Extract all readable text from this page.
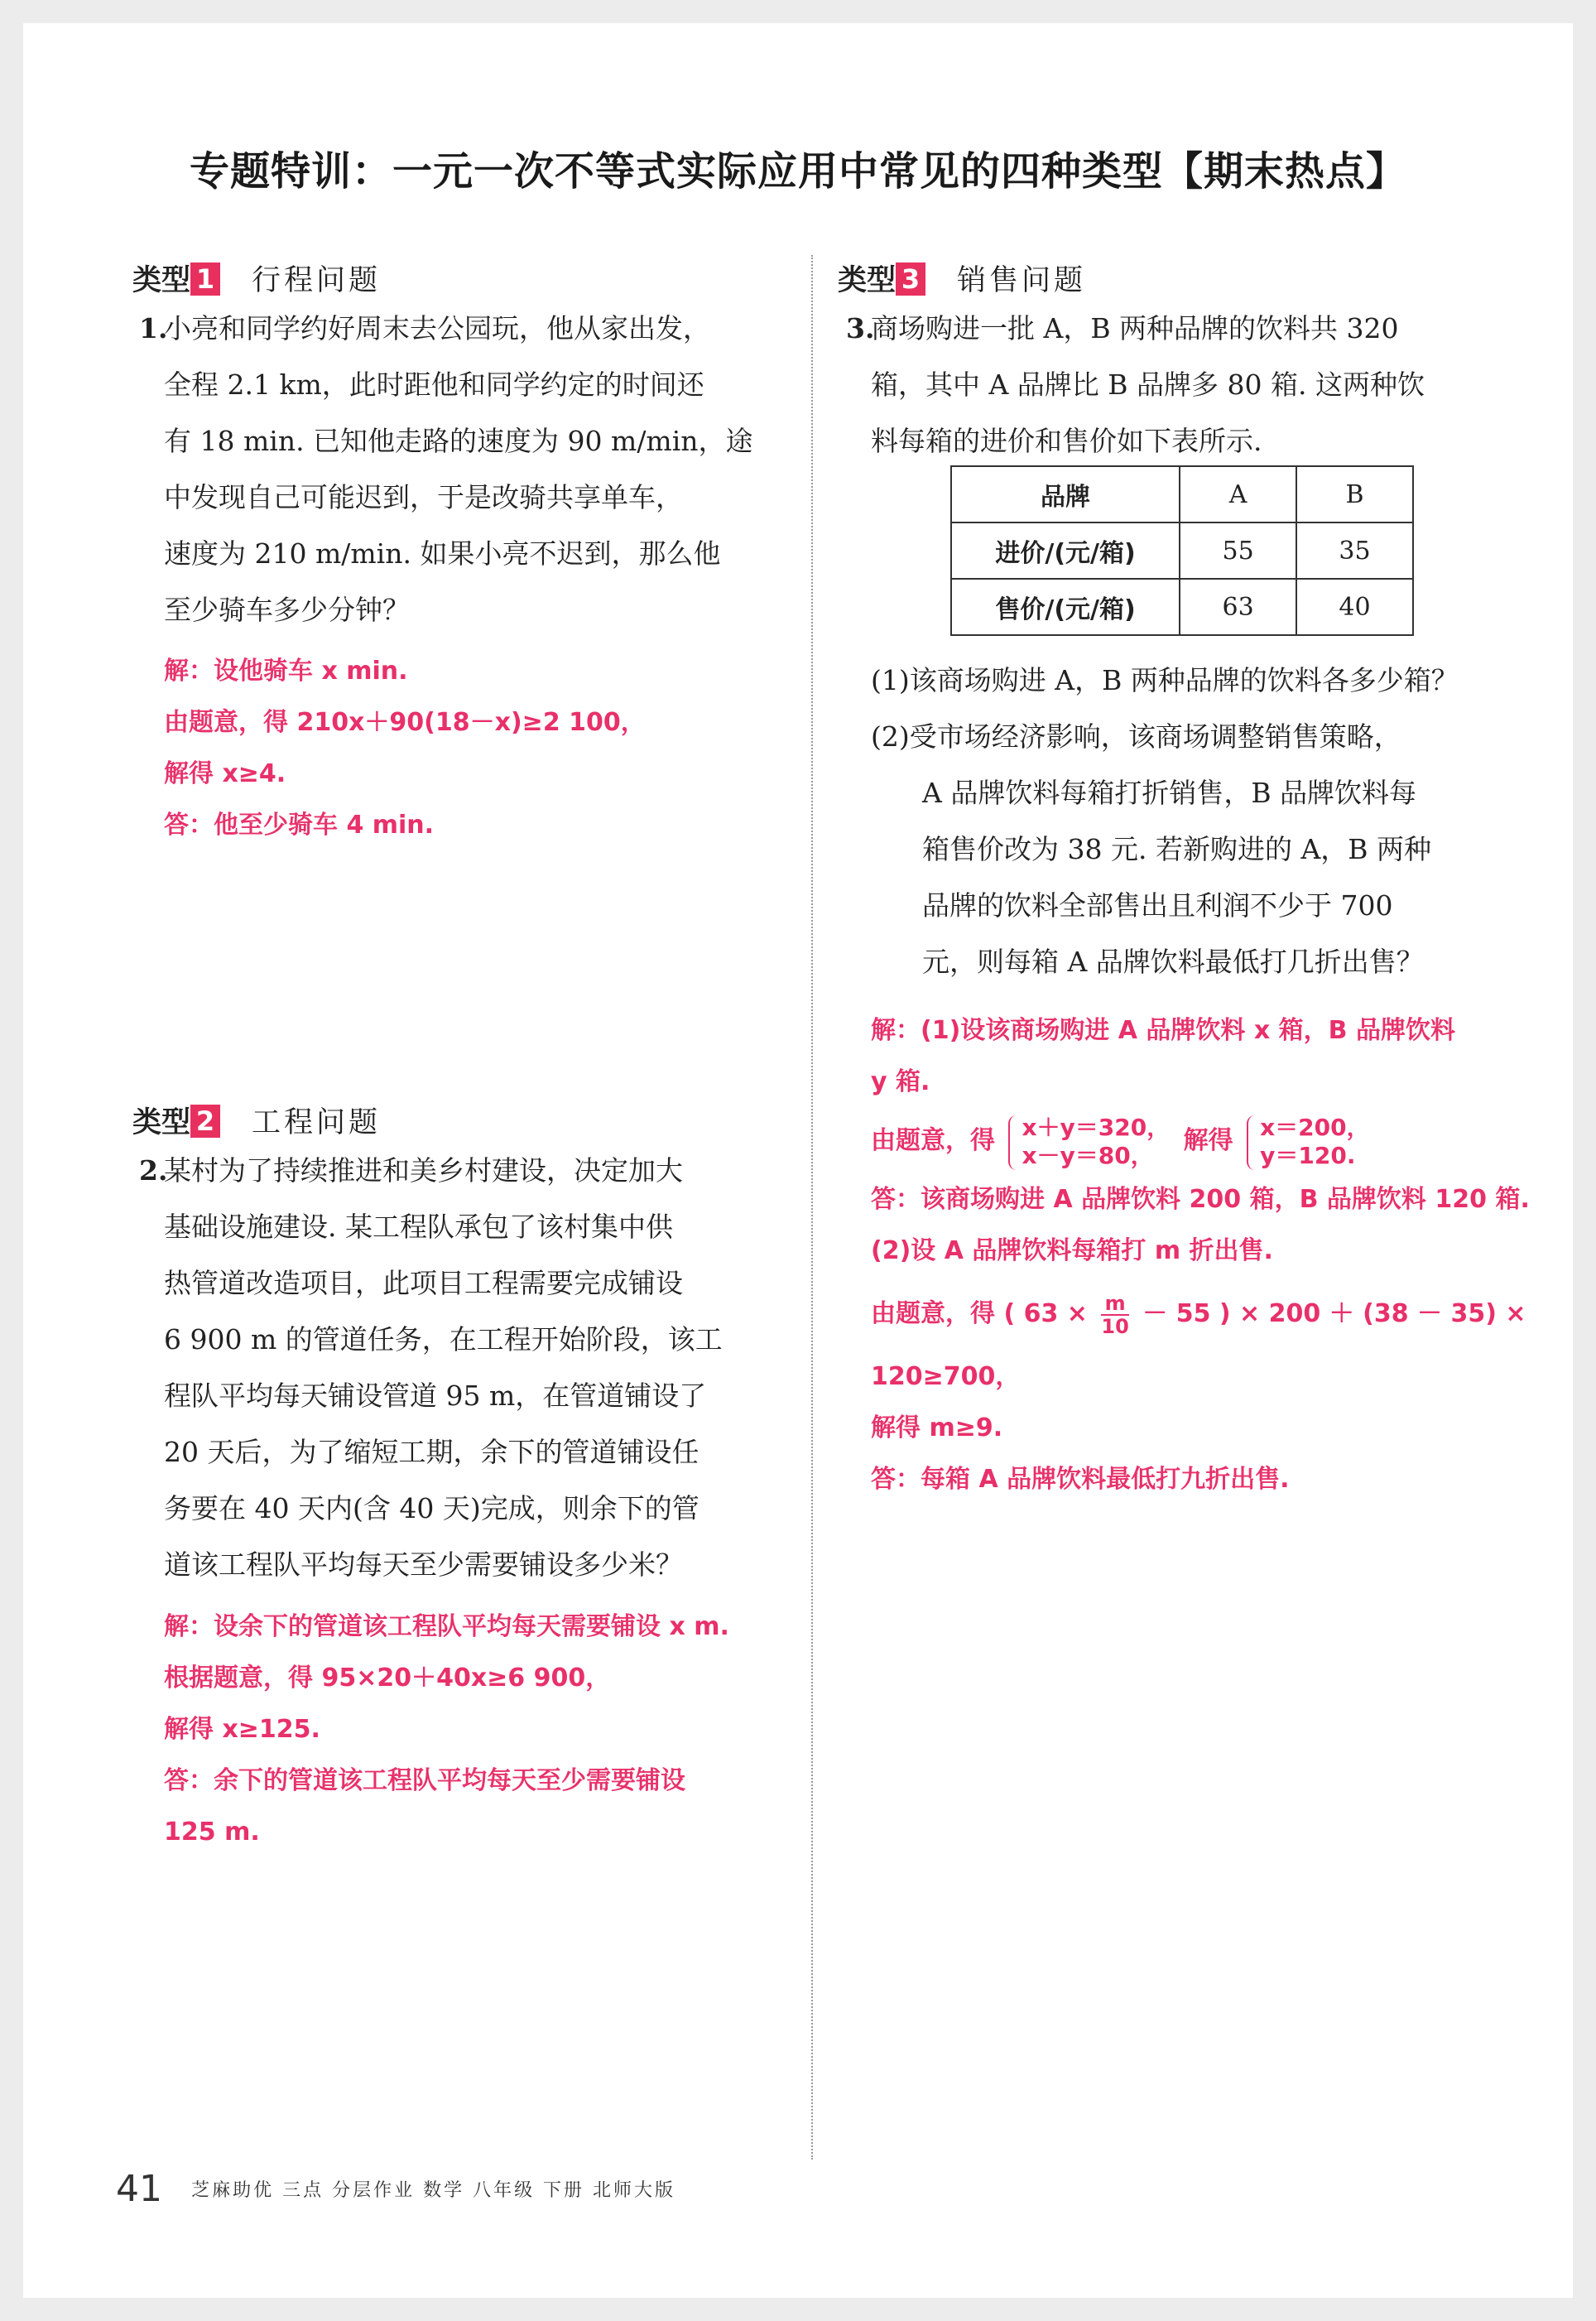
专题特训：一元一次不等式实际应用中常见的四种类型【期末热点】
类型 1 行程问题
1.
小亮和同学约好周末去公园玩，他从家出发，
全程 2.1 km，此时距他和同学约定的时间还
有 18 min. 已知他走路的速度为 90 m/min，途
中发现自己可能迟到，于是改骑共享单车，
速度为 210 m/min. 如果小亮不迟到，那么他
至少骑车多少分钟？
解：设他骑车 x min.
由题意，得 210x＋90(18－x)≥2 100，
解得 x≥4.
答：他至少骑车 4 min.
类型 2 工程问题
2.
某村为了持续推进和美乡村建设，决定加大
基础设施建设. 某工程队承包了该村集中供
热管道改造项目，此项目工程需要完成铺设
6 900 m 的管道任务，在工程开始阶段，该工
程队平均每天铺设管道 95 m，在管道铺设了
20 天后，为了缩短工期，余下的管道铺设任
务要在 40 天内(含 40 天)完成，则余下的管
道该工程队平均每天至少需要铺设多少米？
解：设余下的管道该工程队平均每天需要铺设 x m.
根据题意，得 95×20＋40x≥6 900，
解得 x≥125.
答：余下的管道该工程队平均每天至少需要铺设
125 m.
类型 3 销售问题
3.
商场购进一批 A，B 两种品牌的饮料共 320
箱，其中 A 品牌比 B 品牌多 80 箱. 这两种饮
料每箱的进价和售价如下表所示.
品牌	A	B
进价/(元/箱)	55	35
售价/(元/箱)	63	40
(1)该商场购进 A，B 两种品牌的饮料各多少箱？
(2)受市场经济影响，该商场调整销售策略，
A 品牌饮料每箱打折销售，B 品牌饮料每
箱售价改为 38 元. 若新购进的 A，B 两种
品牌的饮料全部售出且利润不少于 700
元，则每箱 A 品牌饮料最低打几折出售？
解：(1)设该商场购进 A 品牌饮料 x 箱，B 品牌饮料
y 箱.
由题意，得 x＋y＝320，
x－y＝80，	解得 x＝200，
y＝120.
答：该商场购进 A 品牌饮料 200 箱，B 品牌饮料 120 箱.
(2)设 A 品牌饮料每箱打 m 折出售.
由题意，得 ( $63 \times \frac{m}{10} - 55$ ) × 200 ＋ (38 － 35) ×
120≥700，
解得 m≥9.
答：每箱 A 品牌饮料最低打九折出售.
41 芝麻助优 三点 分层作业 数学 八年级 下册 北师大版
